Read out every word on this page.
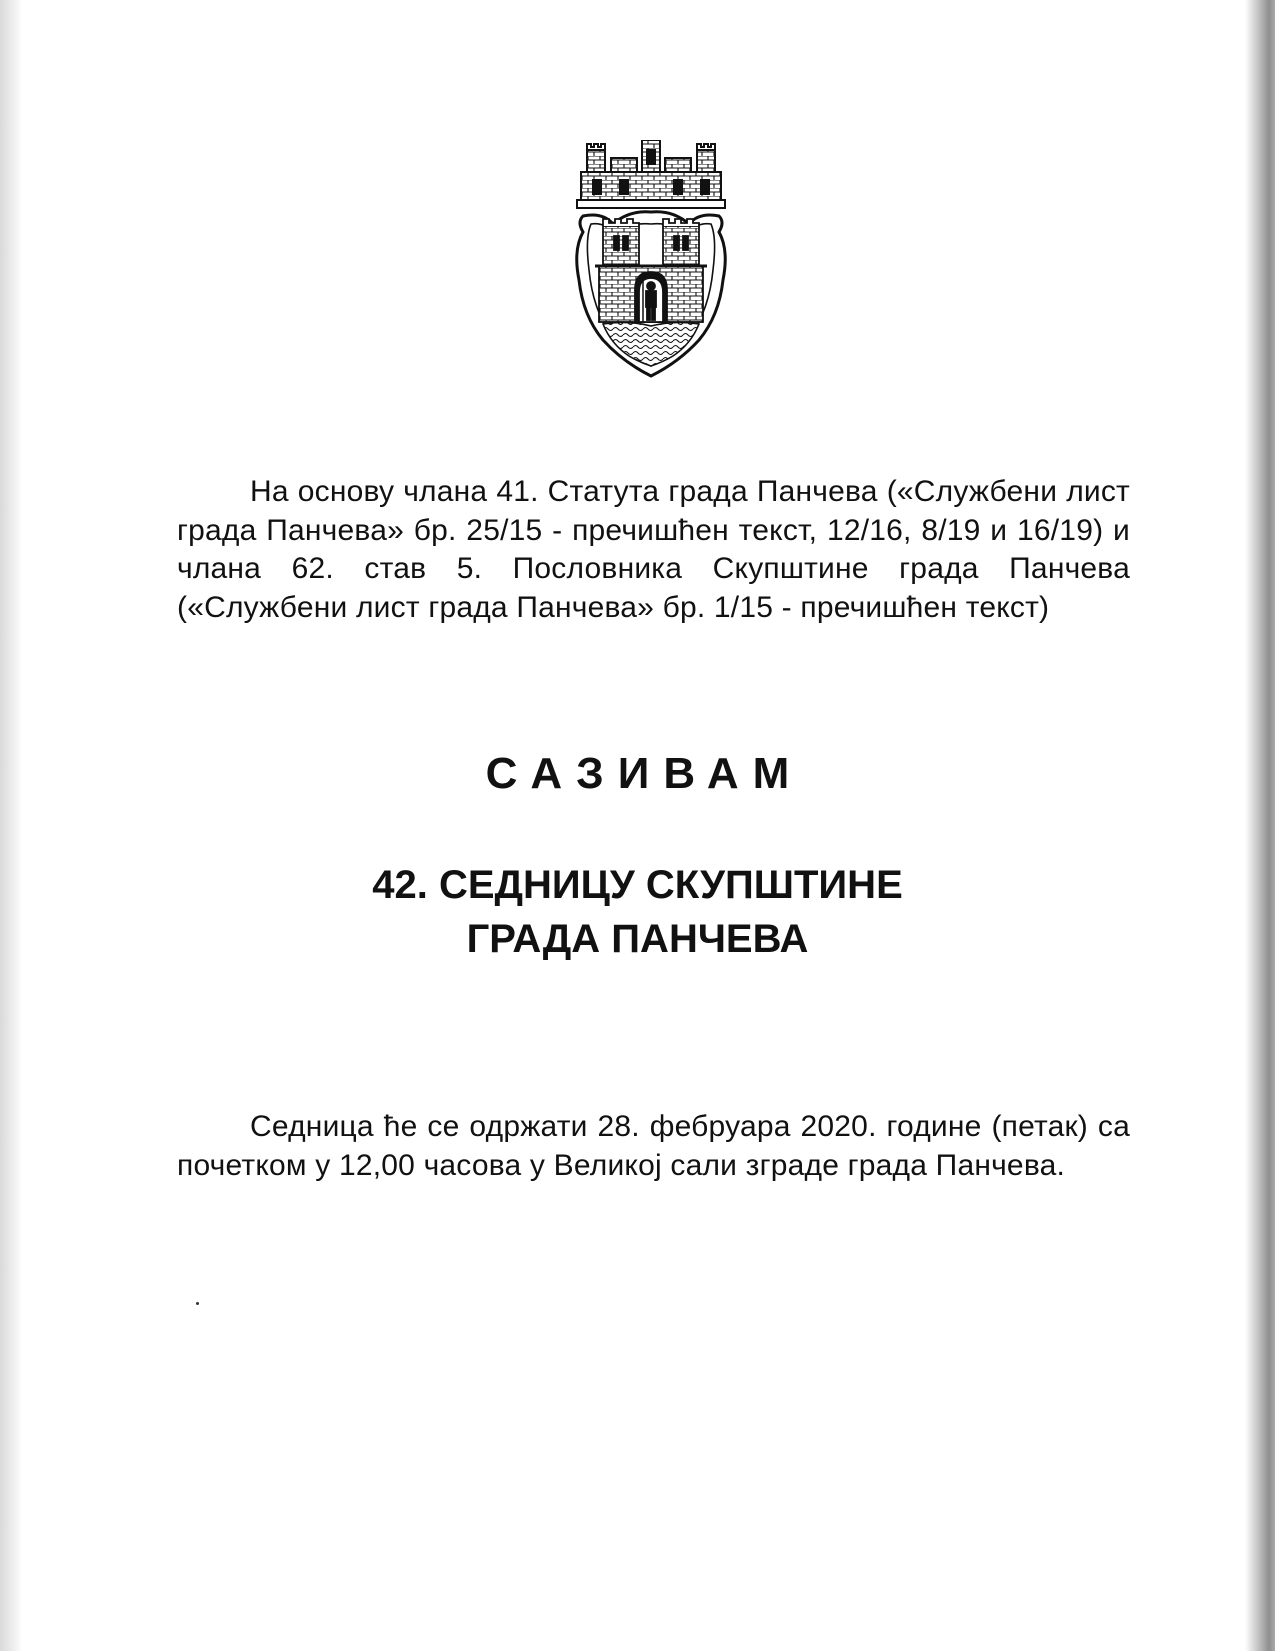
На основу члана 41. Статута града Панчева («Службени лист града Панчева» бр. 25/15 - пречишћен текст, 12/16, 8/19 и 16/19) и члана 62. став 5. Пословника Скупштине града Панчева («Службени лист града Панчева» бр. 1/15 - пречишћен текст)

САЗИВАМ
42. СЕДНИЦУ СКУПШТИНЕ
ГРАДА ПАНЧЕВА

Седница ће се одржати 28. фебруара 2020. године (петак) са почетком у 12,00 часова у Великој сали зграде града Панчева.
